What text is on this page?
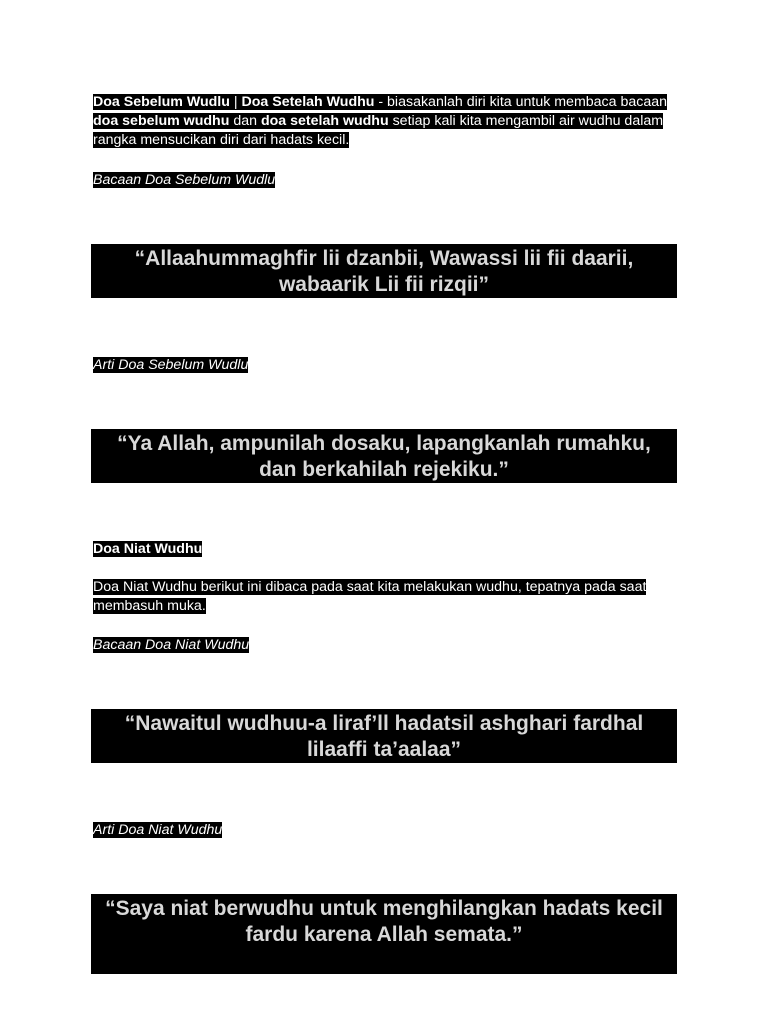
Doa Sebelum Wudlu | Doa Setelah Wudhu - biasakanlah diri kita untuk membaca bacaan doa sebelum wudhu dan doa setelah wudhu setiap kali kita mengambil air wudhu dalam rangka mensucikan diri dari hadats kecil.

Bacaan Doa Sebelum Wudlu

“Allaahummaghfir lii dzanbii, Wawassi lii fii daarii, wabaarik Lii fii rizqii”

Arti Doa Sebelum Wudlu

“Ya Allah, ampunilah dosaku, lapangkanlah rumahku, dan berkahilah rejekiku.”

Doa Niat Wudhu

Doa Niat Wudhu berikut ini dibaca pada saat kita melakukan wudhu, tepatnya pada saat membasuh muka.

Bacaan Doa Niat Wudhu

“Nawaitul wudhuu-a liraf’ll hadatsil ashghari fardhal lilaaffi ta’aalaa”

Arti Doa Niat Wudhu

“Saya niat berwudhu untuk menghilangkan hadats kecil fardu karena Allah semata.”
